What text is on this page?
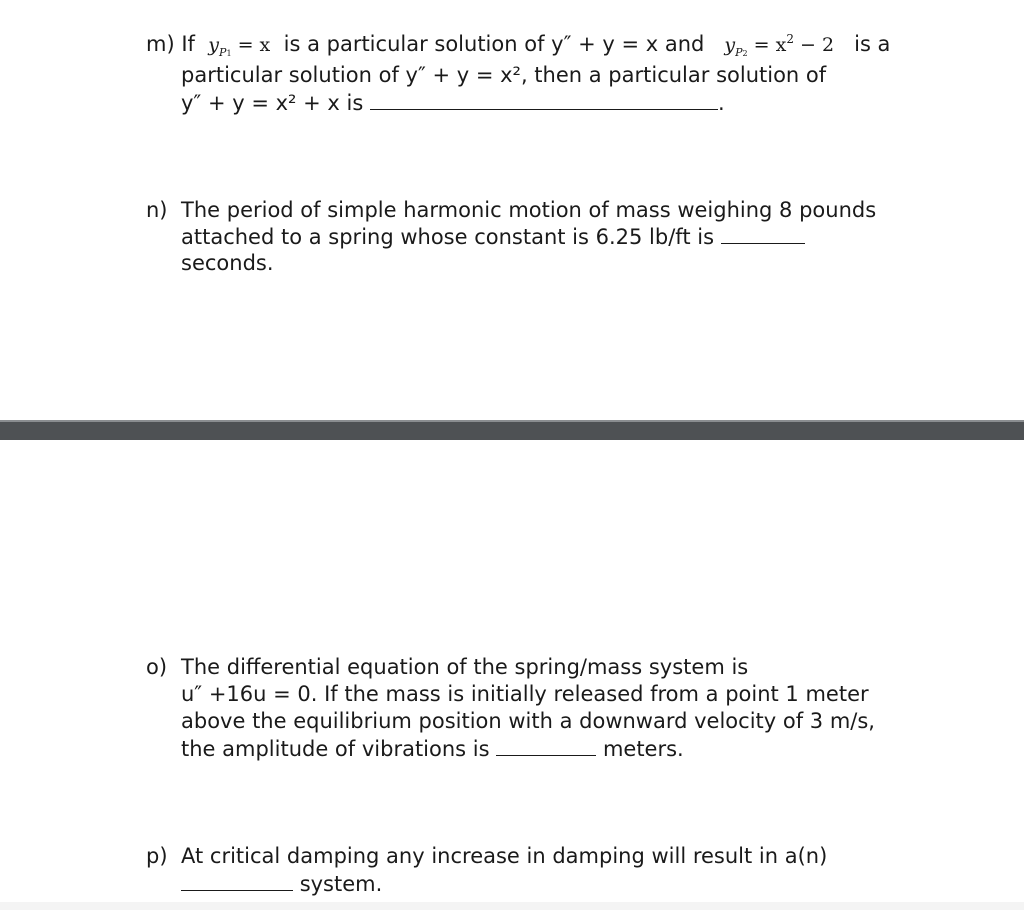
m) If $y_{P1} = x$ is a particular solution of y″ + y = x and $y_{P2} = x^2 - 2$ is a
particular solution of y″ + y = x², then a particular solution of
y″ + y = x² + x is	.
n) The period of simple harmonic motion of mass weighing 8 pounds
attached to a spring whose constant is 6.25 lb/ft is
seconds.
o) The differential equation of the spring/mass system is
u″ +16u = 0. If the mass is initially released from a point 1 meter
above the equilibrium position with a downward velocity of 3 m/s,
the amplitude of vibrations is	meters.
p) At critical damping any increase in damping will result in a(n)
system.
